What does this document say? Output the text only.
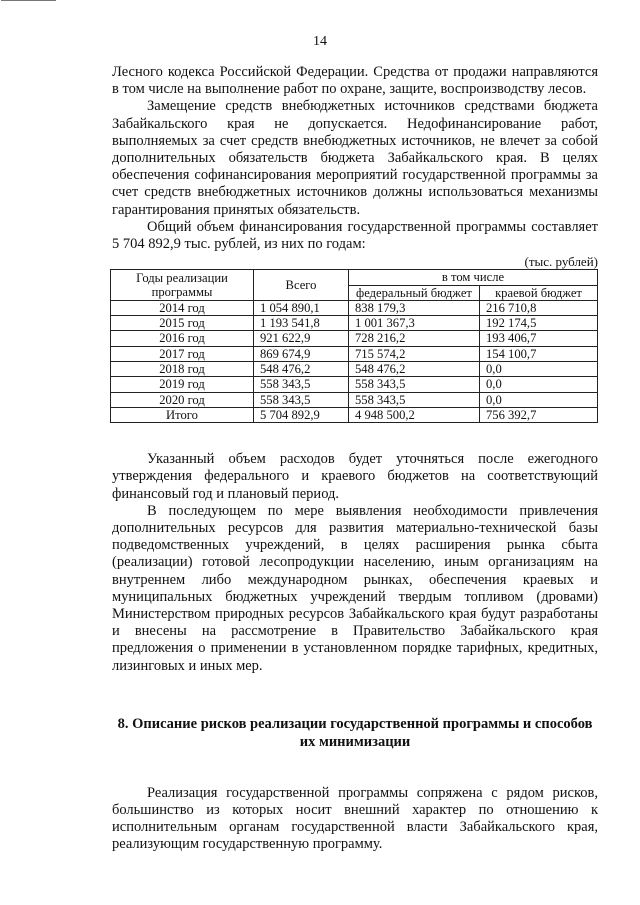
14

Лесного кодекса Российской Федерации. Средства от продажи направляются в том числе на выполнение работ по охране, защите, воспроизводству лесов.

Замещение средств внебюджетных источников средствами бюджета Забайкальского края не допускается. Недофинансирование работ, выполняемых за счет средств внебюджетных источников, не влечет за собой дополнительных обязательств бюджета Забайкальского края. В целях обеспечения софинансирования мероприятий государственной программы за счет средств внебюджетных источников должны использоваться механизмы гарантирования принятых обязательств.

Общий объем финансирования государственной программы составляет 5 704 892,9 тыс. рублей, из них по годам:

(тыс. рублей)
Годы реализации программы	Всего	в том числе	
		федеральный бюджет	краевой бюджет
2014 год	1 054 890,1	838 179,3	216 710,8
2015 год	1 193 541,8	1 001 367,3	192 174,5
2016 год	921 622,9	728 216,2	193 406,7
2017 год	869 674,9	715 574,2	154 100,7
2018 год	548 476,2	548 476,2	0,0
2019 год	558 343,5	558 343,5	0,0
2020 год	558 343,5	558 343,5	0,0
Итого	5 704 892,9	4 948 500,2	756 392,7

Указанный объем расходов будет уточняться после ежегодного утверждения федерального и краевого бюджетов на соответствующий финансовый год и плановый период.

В последующем по мере выявления необходимости привлечения дополнительных ресурсов для развития материально-технической базы подведомственных учреждений, в целях расширения рынка сбыта (реализации) готовой лесопродукции населению, иным организациям на внутреннем либо международном рынках, обеспечения краевых и муниципальных бюджетных учреждений твердым топливом (дровами) Министерством природных ресурсов Забайкальского края будут разработаны и внесены на рассмотрение в Правительство Забайкальского края предложения о применении в установленном порядке тарифных, кредитных, лизинговых и иных мер.

8. Описание рисков реализации государственной программы и способов их минимизации

Реализация государственной программы сопряжена с рядом рисков, большинство из которых носит внешний характер по отношению к исполнительным органам государственной власти Забайкальского края, реализующим государственную программу.
